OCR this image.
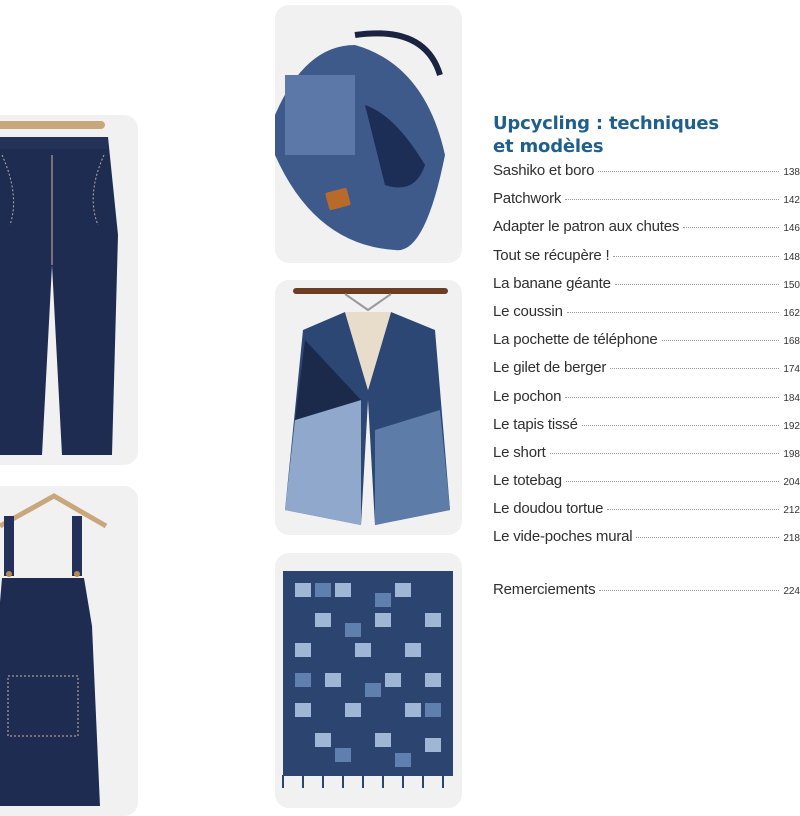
Upcycling : techniques
et modèles
Sashiko et boro	138
Patchwork	142
Adapter le patron aux chutes	146
Tout se récupère !	148
La banane géante	150
Le coussin	162
La pochette de téléphone	168
Le gilet de berger	174
Le pochon	184
Le tapis tissé	192
Le short	198
Le totebag	204
Le doudou tortue	212
Le vide-poches mural	218
Remerciements	224
